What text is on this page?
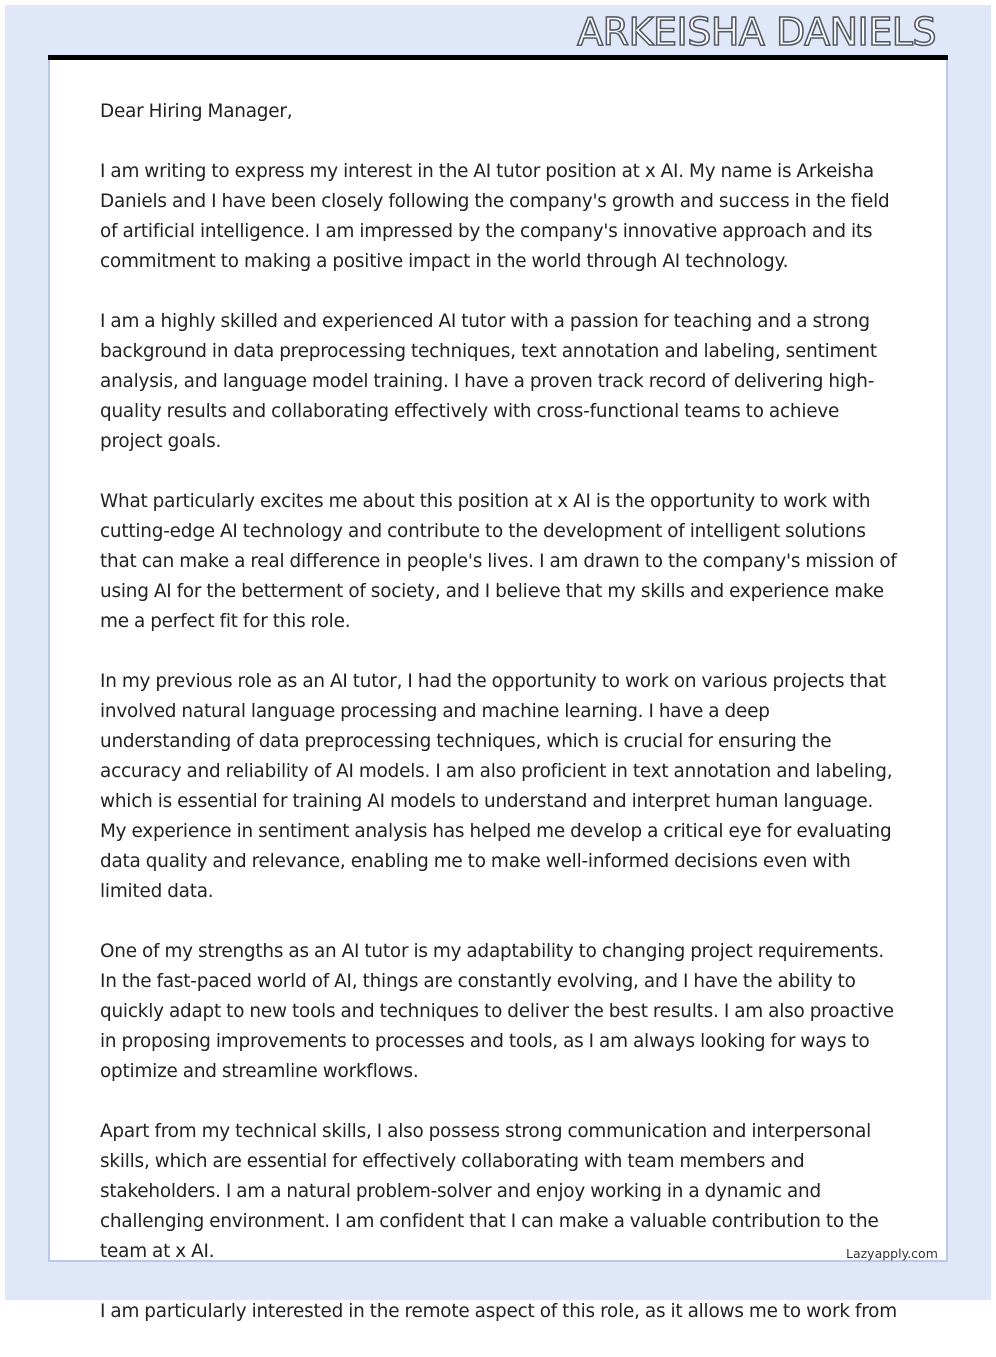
ARKEISHA DANIELS

Dear Hiring Manager,

I am writing to express my interest in the AI tutor position at x AI. My name is Arkeisha Daniels and I have been closely following the company's growth and success in the field of artificial intelligence. I am impressed by the company's innovative approach and its commitment to making a positive impact in the world through AI technology.

I am a highly skilled and experienced AI tutor with a passion for teaching and a strong background in data preprocessing techniques, text annotation and labeling, sentiment analysis, and language model training. I have a proven track record of delivering high-quality results and collaborating effectively with cross-functional teams to achieve project goals.

What particularly excites me about this position at x AI is the opportunity to work with cutting-edge AI technology and contribute to the development of intelligent solutions that can make a real difference in people's lives. I am drawn to the company's mission of using AI for the betterment of society, and I believe that my skills and experience make me a perfect fit for this role.

In my previous role as an AI tutor, I had the opportunity to work on various projects that involved natural language processing and machine learning. I have a deep understanding of data preprocessing techniques, which is crucial for ensuring the accuracy and reliability of AI models. I am also proficient in text annotation and labeling, which is essential for training AI models to understand and interpret human language. My experience in sentiment analysis has helped me develop a critical eye for evaluating data quality and relevance, enabling me to make well-informed decisions even with limited data.

One of my strengths as an AI tutor is my adaptability to changing project requirements. In the fast-paced world of AI, things are constantly evolving, and I have the ability to quickly adapt to new tools and techniques to deliver the best results. I am also proactive in proposing improvements to processes and tools, as I am always looking for ways to optimize and streamline workflows.

Apart from my technical skills, I also possess strong communication and interpersonal skills, which are essential for effectively collaborating with team members and stakeholders. I am a natural problem-solver and enjoy working in a dynamic and challenging environment. I am confident that I can make a valuable contribution to the team at x AI.

I am particularly interested in the remote aspect of this role, as it allows me to work from

Lazyapply.com
